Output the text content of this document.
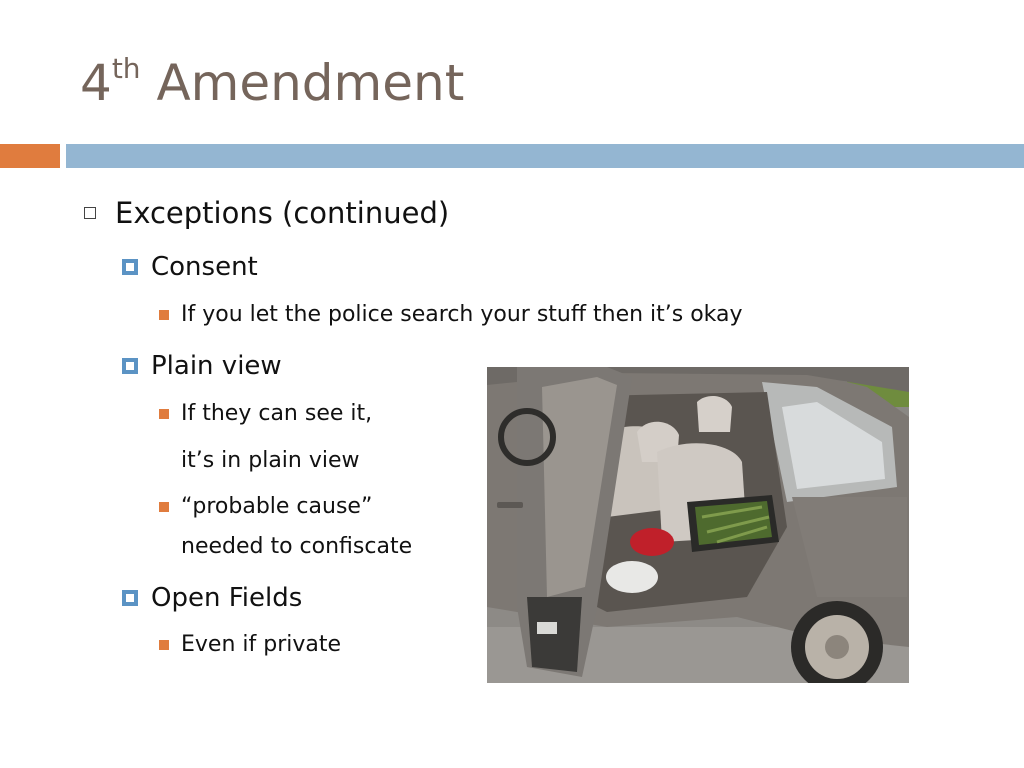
4th Amendment
Exceptions (continued)
Consent
If you let the police search your stuff then it’s okay
Plain view
If they can see it,
it’s in plain view
“probable cause”
needed to confiscate
Open Fields
Even if private
